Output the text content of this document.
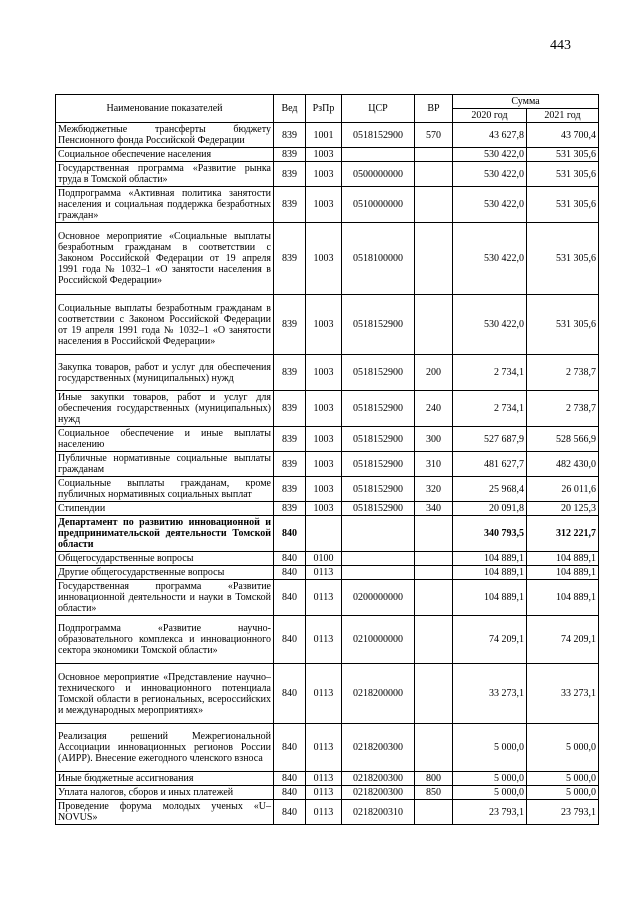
443
Наименование показателей	Вед	РзПр	ЦСР	ВР	Сумма	
					2020 год	2021 год
Межбюджетные трансферты бюджету Пенсионного фонда Российской Федерации	839	1001	0518152900	570	43 627,8	43 700,4
Социальное обеспечение населения	839	1003			530 422,0	531 305,6
Государственная программа «Развитие рынка труда в Томской области»	839	1003	0500000000		530 422,0	531 305,6
Подпрограмма «Активная политика занятости населения и социальная поддержка безработных граждан»	839	1003	0510000000		530 422,0	531 305,6
Основное мероприятие «Социальные выплаты безработным гражданам в соответствии с Законом Российской Федерации от 19 апреля 1991 года № 1032–1 «О занятости населения в Российской Федерации»	839	1003	0518100000		530 422,0	531 305,6
Социальные выплаты безработным гражданам в соответствии с Законом Российской Федерации от 19 апреля 1991 года № 1032–1 «О занятости населения в Российской Федерации»	839	1003	0518152900		530 422,0	531 305,6
Закупка товаров, работ и услуг для обеспечения государственных (муниципальных) нужд	839	1003	0518152900	200	2 734,1	2 738,7
Иные закупки товаров, работ и услуг для обеспечения государственных (муниципальных) нужд	839	1003	0518152900	240	2 734,1	2 738,7
Социальное обеспечение и иные выплаты населению	839	1003	0518152900	300	527 687,9	528 566,9
Публичные нормативные социальные выплаты гражданам	839	1003	0518152900	310	481 627,7	482 430,0
Социальные выплаты гражданам, кроме публичных нормативных социальных выплат	839	1003	0518152900	320	25 968,4	26 011,6
Стипендии	839	1003	0518152900	340	20 091,8	20 125,3
Департамент по развитию инновационной и предпринимательской деятельности Томской области	840				340 793,5	312 221,7
Общегосударственные вопросы	840	0100			104 889,1	104 889,1
Другие общегосударственные вопросы	840	0113			104 889,1	104 889,1
Государственная программа «Развитие инновационной деятельности и науки в Томской области»	840	0113	0200000000		104 889,1	104 889,1
Подпрограмма «Развитие научно-образовательного комплекса и инновационного сектора экономики Томской области»	840	0113	0210000000		74 209,1	74 209,1
Основное мероприятие «Представление научно–технического и инновационного потенциала Томской области в региональных, всероссийских и международных мероприятиях»	840	0113	0218200000		33 273,1	33 273,1
Реализация решений Межрегиональной Ассоциации инновационных регионов России (АИРР). Внесение ежегодного членского взноса	840	0113	0218200300		5 000,0	5 000,0
Иные бюджетные ассигнования	840	0113	0218200300	800	5 000,0	5 000,0
Уплата налогов, сборов и иных платежей	840	0113	0218200300	850	5 000,0	5 000,0
Проведение форума молодых ученых «U–NOVUS»	840	0113	0218200310		23 793,1	23 793,1
